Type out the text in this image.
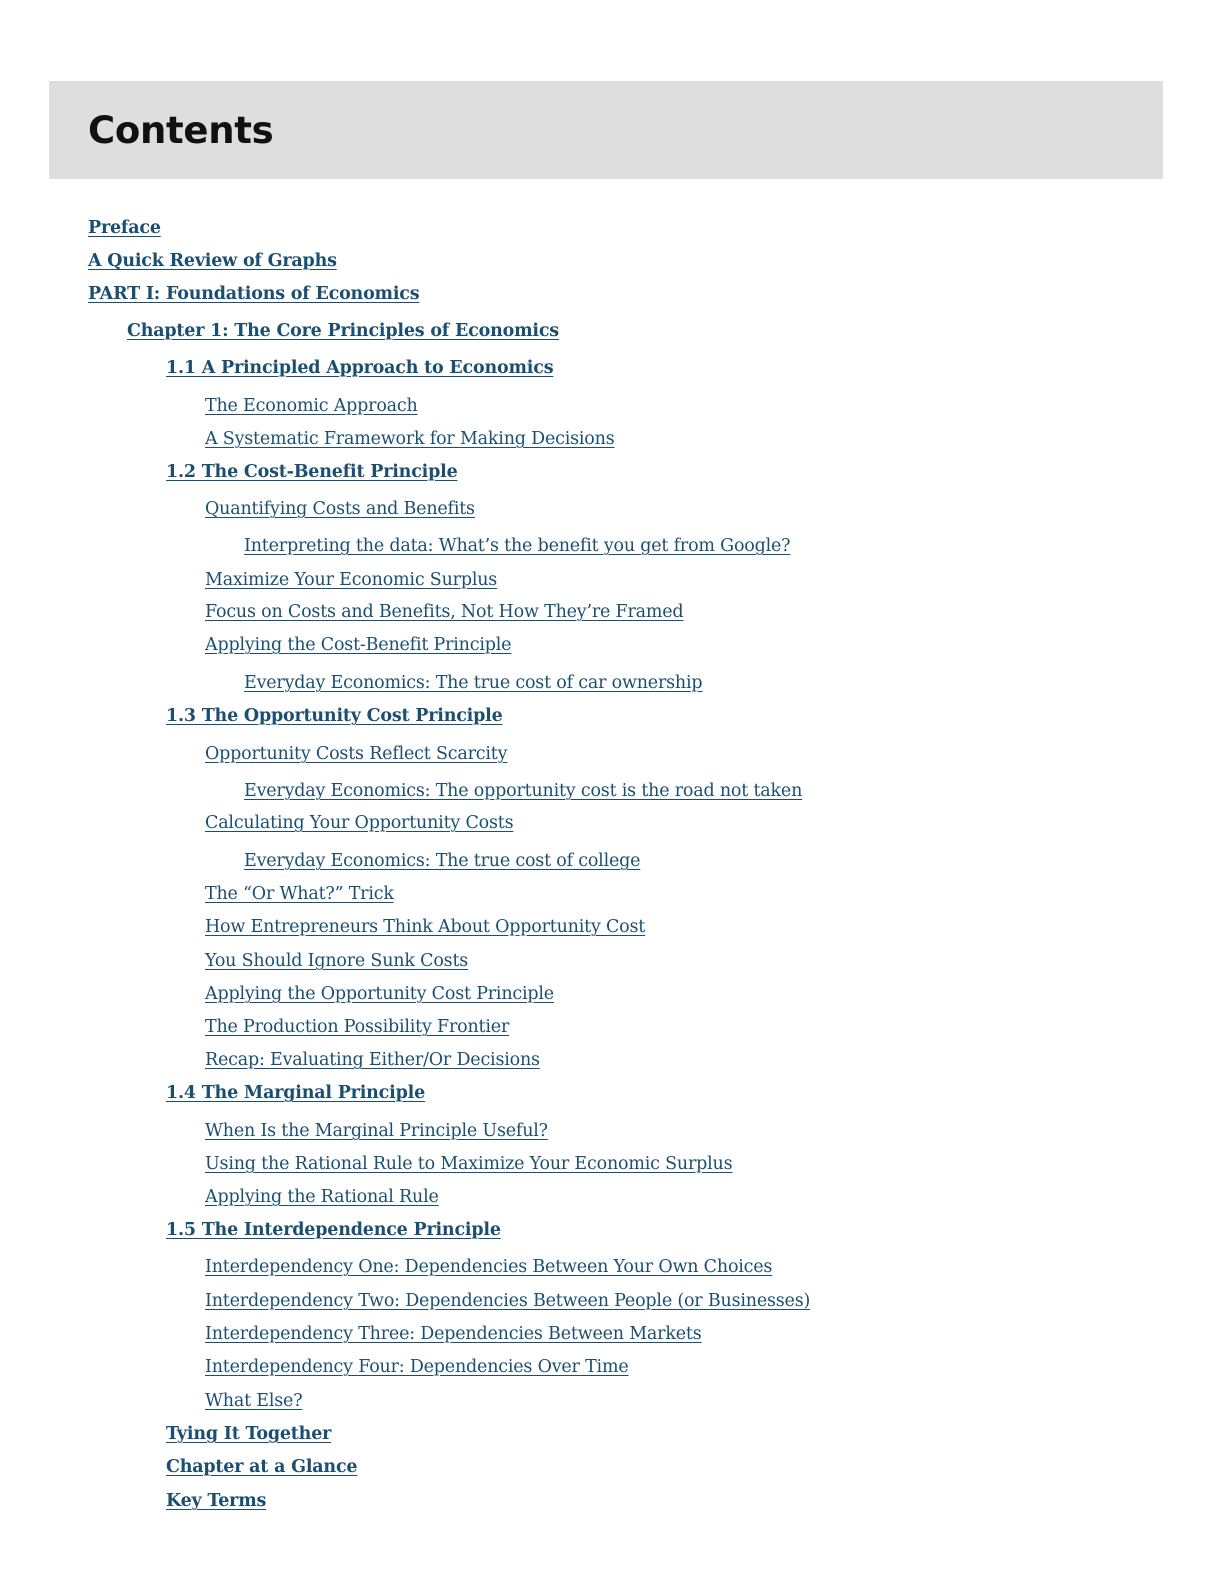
Contents
Preface
A Quick Review of Graphs
PART I: Foundations of Economics
Chapter 1: The Core Principles of Economics
1.1 A Principled Approach to Economics
The Economic Approach
A Systematic Framework for Making Decisions
1.2 The Cost-Benefit Principle
Quantifying Costs and Benefits
Interpreting the data: What’s the benefit you get from Google?
Maximize Your Economic Surplus
Focus on Costs and Benefits, Not How They’re Framed
Applying the Cost-Benefit Principle
Everyday Economics: The true cost of car ownership
1.3 The Opportunity Cost Principle
Opportunity Costs Reflect Scarcity
Everyday Economics: The opportunity cost is the road not taken
Calculating Your Opportunity Costs
Everyday Economics: The true cost of college
The “Or What?” Trick
How Entrepreneurs Think About Opportunity Cost
You Should Ignore Sunk Costs
Applying the Opportunity Cost Principle
The Production Possibility Frontier
Recap: Evaluating Either/Or Decisions
1.4 The Marginal Principle
When Is the Marginal Principle Useful?
Using the Rational Rule to Maximize Your Economic Surplus
Applying the Rational Rule
1.5 The Interdependence Principle
Interdependency One: Dependencies Between Your Own Choices
Interdependency Two: Dependencies Between People (or Businesses)
Interdependency Three: Dependencies Between Markets
Interdependency Four: Dependencies Over Time
What Else?
Tying It Together
Chapter at a Glance
Key Terms
